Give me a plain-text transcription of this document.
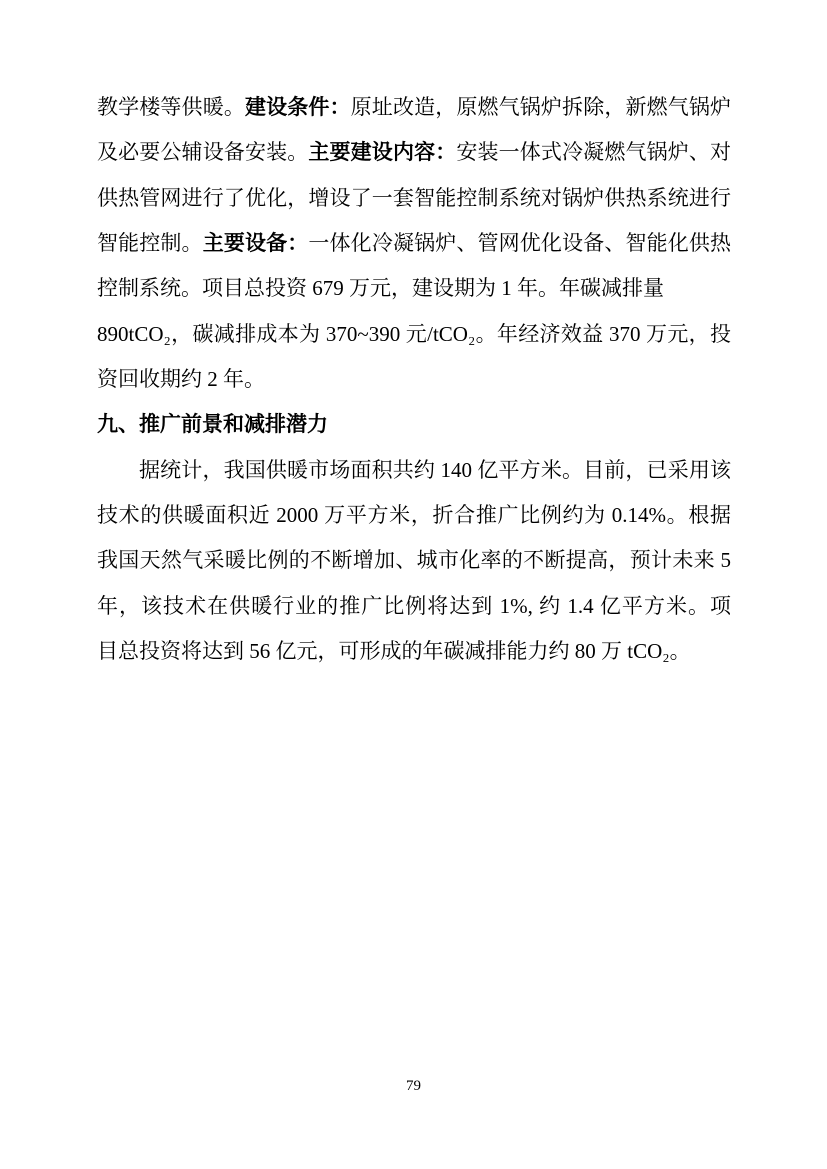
教学楼等供暖。建设条件：原址改造，原燃气锅炉拆除，新燃气锅炉
及必要公辅设备安装。主要建设内容：安装一体式冷凝燃气锅炉、对
供热管网进行了优化，增设了一套智能控制系统对锅炉供热系统进行
智能控制。主要设备：一体化冷凝锅炉、管网优化设备、智能化供热
控制系统。项目总投资 679 万元，建设期为 1 年。年碳减排量
890tCO₂，碳减排成本为 370~390 元/tCO₂。年经济效益 370 万元，投
资回收期约 2 年。
九、推广前景和减排潜力
据统计，我国供暖市场面积共约 140 亿平方米。目前，已采用该
技术的供暖面积近 2000 万平方米，折合推广比例约为 0.14%。根据
我国天然气采暖比例的不断增加、城市化率的不断提高，预计未来 5
年，该技术在供暖行业的推广比例将达到 1%, 约 1.4 亿平方米。项
目总投资将达到 56 亿元，可形成的年碳减排能力约 80 万 tCO₂。
79
